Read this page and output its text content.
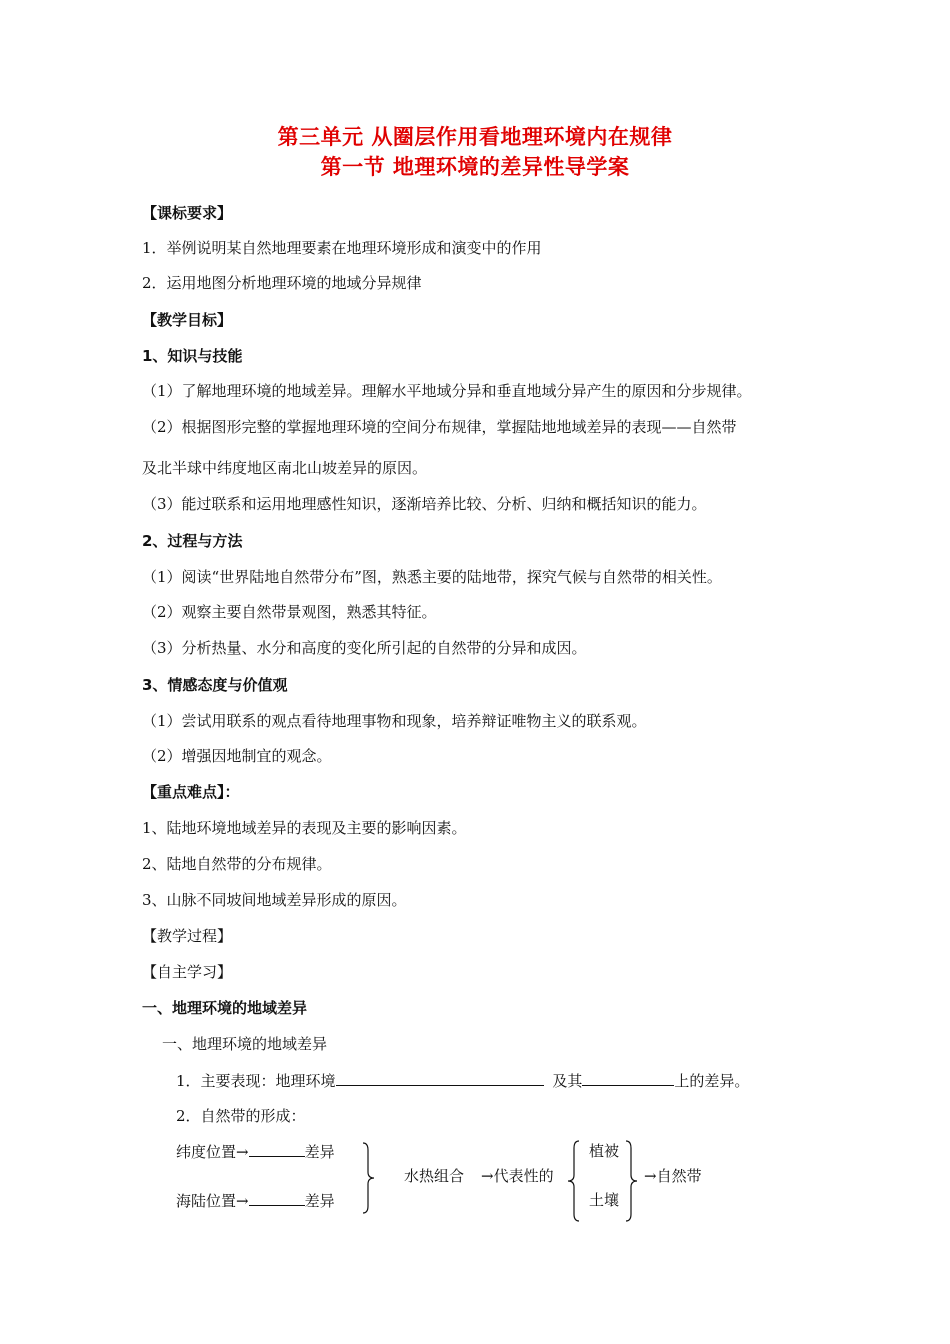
第三单元 从圈层作用看地理环境内在规律
第一节 地理环境的差异性导学案
【课标要求】
1．举例说明某自然地理要素在地理环境形成和演变中的作用
2．运用地图分析地理环境的地域分异规律
【教学目标】
1、知识与技能
（1）了解地理环境的地域差异。理解水平地域分异和垂直地域分异产生的原因和分步规律。
（2）根据图形完整的掌握地理环境的空间分布规律，掌握陆地地域差异的表现——自然带
及北半球中纬度地区南北山坡差异的原因。
（3）能过联系和运用地理感性知识，逐渐培养比较、分析、归纳和概括知识的能力。
2、过程与方法
（1）阅读“世界陆地自然带分布”图，熟悉主要的陆地带，探究气候与自然带的相关性。
（2）观察主要自然带景观图，熟悉其特征。
（3）分析热量、水分和高度的变化所引起的自然带的分异和成因。
3、情感态度与价值观
（1）尝试用联系的观点看待地理事物和现象，培养辩证唯物主义的联系观。
（2）增强因地制宜的观念。
【重点难点】：
1、陆地环境地域差异的表现及主要的影响因素。
2、陆地自然带的分布规律。
3、山脉不同坡间地域差异形成的原因。
【教学过程】
【自主学习】
一、地理环境的地域差异
一、地理环境的地域差异
1．主要表现：地理环境	及其	上的差异。
2．自然带的形成：
纬度位置→	差异
海陆位置→	差异
水热组合 →代表性的
植被
土壤
→自然带
